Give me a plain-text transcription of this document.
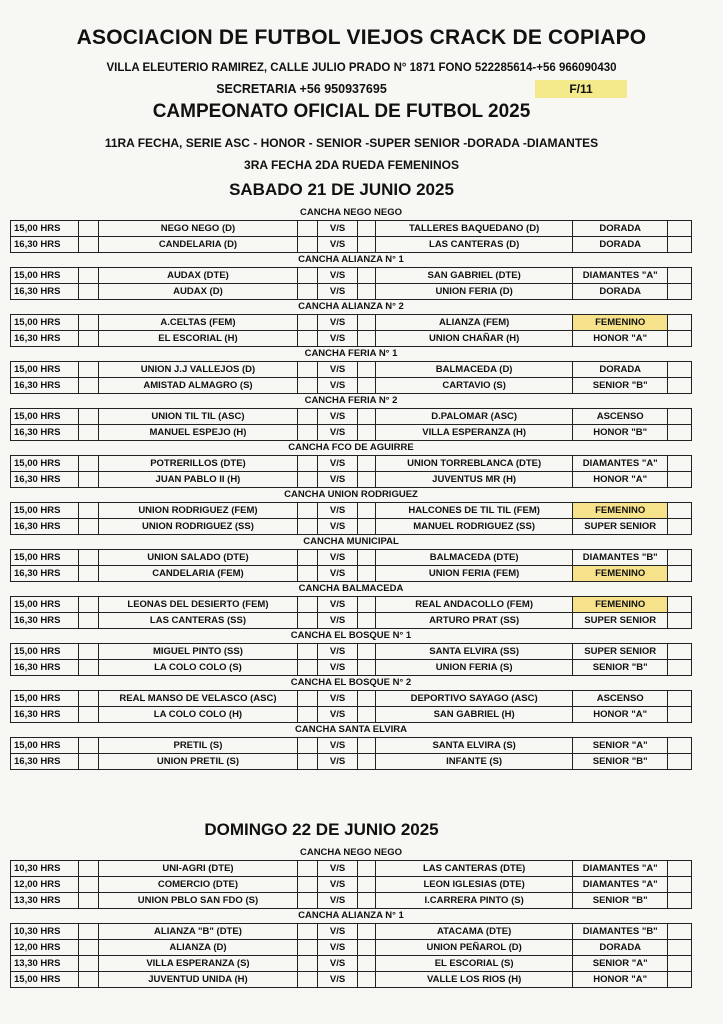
ASOCIACION DE FUTBOL VIEJOS CRACK DE COPIAPO
VILLA ELEUTERIO RAMIREZ, CALLE JULIO PRADO N° 1871 FONO 522285614-+56 966090430
SECRETARIA +56 950937695	F/11
CAMPEONATO OFICIAL DE FUTBOL 2025
11RA FECHA, SERIE ASC - HONOR - SENIOR -SUPER SENIOR -DORADA -DIAMANTES
3RA FECHA 2DA RUEDA FEMENINOS
SABADO 21 DE JUNIO 2025
CANCHA NEGO NEGO
15,00 HRS	NEGO NEGO (D)	V/S	TALLERES BAQUEDANO (D)	DORADA
16,30 HRS	CANDELARIA (D)	V/S	LAS CANTERAS (D)	DORADA
CANCHA ALIANZA N° 1
15,00 HRS	AUDAX (DTE)	V/S	SAN GABRIEL (DTE)	DIAMANTES "A"
16,30 HRS	AUDAX (D)	V/S	UNION FERIA (D)	DORADA
CANCHA ALIANZA N° 2
15,00 HRS	A.CELTAS (FEM)	V/S	ALIANZA (FEM)	FEMENINO
16,30 HRS	EL ESCORIAL (H)	V/S	UNION CHAÑAR (H)	HONOR "A"
CANCHA FERIA N° 1
15,00 HRS	UNION J.J VALLEJOS (D)	V/S	BALMACEDA (D)	DORADA
16,30 HRS	AMISTAD ALMAGRO (S)	V/S	CARTAVIO (S)	SENIOR "B"
CANCHA FERIA N° 2
15,00 HRS	UNION TIL TIL (ASC)	V/S	D.PALOMAR (ASC)	ASCENSO
16,30 HRS	MANUEL ESPEJO (H)	V/S	VILLA ESPERANZA (H)	HONOR "B"
CANCHA FCO DE AGUIRRE
15,00 HRS	POTRERILLOS (DTE)	V/S	UNION TORREBLANCA (DTE)	DIAMANTES "A"
16,30 HRS	JUAN PABLO II (H)	V/S	JUVENTUS MR (H)	HONOR "A"
CANCHA UNION RODRIGUEZ
15,00 HRS	UNION RODRIGUEZ (FEM)	V/S	HALCONES DE TIL TIL (FEM)	FEMENINO
16,30 HRS	UNION RODRIGUEZ (SS)	V/S	MANUEL RODRIGUEZ (SS)	SUPER SENIOR
CANCHA MUNICIPAL
15,00 HRS	UNION SALADO (DTE)	V/S	BALMACEDA (DTE)	DIAMANTES "B"
16,30 HRS	CANDELARIA (FEM)	V/S	UNION FERIA (FEM)	FEMENINO
CANCHA BALMACEDA
15,00 HRS	LEONAS DEL DESIERTO (FEM)	V/S	REAL ANDACOLLO (FEM)	FEMENINO
16,30 HRS	LAS CANTERAS (SS)	V/S	ARTURO PRAT (SS)	SUPER SENIOR
CANCHA EL BOSQUE N° 1
15,00 HRS	MIGUEL PINTO (SS)	V/S	SANTA ELVIRA (SS)	SUPER SENIOR
16,30 HRS	LA COLO COLO (S)	V/S	UNION FERIA (S)	SENIOR "B"
CANCHA EL BOSQUE N° 2
15,00 HRS	REAL MANSO DE VELASCO (ASC)	V/S	DEPORTIVO SAYAGO (ASC)	ASCENSO
16,30 HRS	LA COLO COLO (H)	V/S	SAN GABRIEL (H)	HONOR "A"
CANCHA SANTA ELVIRA
15,00 HRS	PRETIL (S)	V/S	SANTA ELVIRA (S)	SENIOR "A"
16,30 HRS	UNION PRETIL (S)	V/S	INFANTE (S)	SENIOR "B"
DOMINGO 22 DE JUNIO 2025
CANCHA NEGO NEGO
10,30 HRS	UNI-AGRI (DTE)	V/S	LAS CANTERAS (DTE)	DIAMANTES "A"
12,00 HRS	COMERCIO (DTE)	V/S	LEON IGLESIAS (DTE)	DIAMANTES "A"
13,30 HRS	UNION PBLO SAN FDO (S)	V/S	I.CARRERA PINTO (S)	SENIOR "B"
CANCHA ALIANZA N° 1
10,30 HRS	ALIANZA "B" (DTE)	V/S	ATACAMA (DTE)	DIAMANTES "B"
12,00 HRS	ALIANZA (D)	V/S	UNION PEÑAROL (D)	DORADA
13,30 HRS	VILLA ESPERANZA (S)	V/S	EL ESCORIAL (S)	SENIOR "A"
15,00 HRS	JUVENTUD UNIDA (H)	V/S	VALLE LOS RIOS (H)	HONOR "A"
